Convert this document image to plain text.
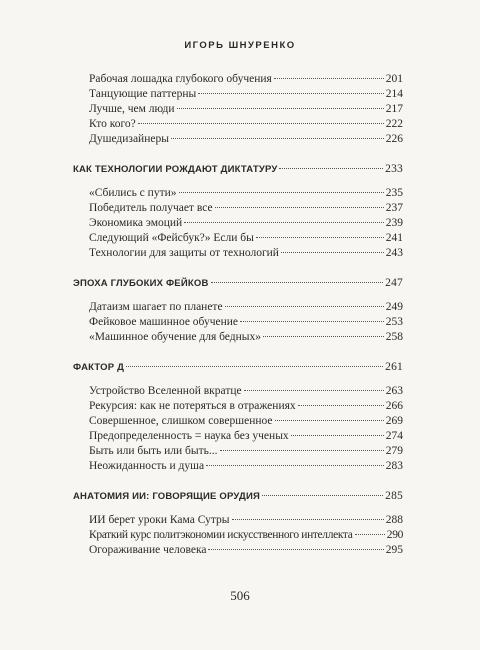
ИГОРЬ ШНУРЕНКО
Рабочая лошадка глубокого обучения	201
Танцующие паттерны	214
Лучше, чем люди	217
Кто кого?	222
Душедизайнеры	226
КАК ТЕХНОЛОГИИ РОЖДАЮТ ДИКТАТУРУ	233
«Сбились с пути»	235
Победитель получает все	237
Экономика эмоций	239
Следующий «Фейсбук?» Если бы	241
Технологии для защиты от технологий	243
ЭПОХА ГЛУБОКИХ ФЕЙКОВ	247
Датаизм шагает по планете	249
Фейковое машинное обучение	253
«Машинное обучение для бедных»	258
ФАКТОР Д	261
Устройство Вселенной вкратце	263
Рекурсия: как не потеряться в отражениях	266
Совершенное, слишком совершенное	269
Предопределенность = наука без ученых	274
Быть или быть или быть...	279
Неожиданность и душа	283
АНАТОМИЯ ИИ: ГОВОРЯЩИЕ ОРУДИЯ	285
ИИ берет уроки Кама Сутры	288
Краткий курс политэкономии искусственного интеллекта	290
Огораживание человека	295
506
